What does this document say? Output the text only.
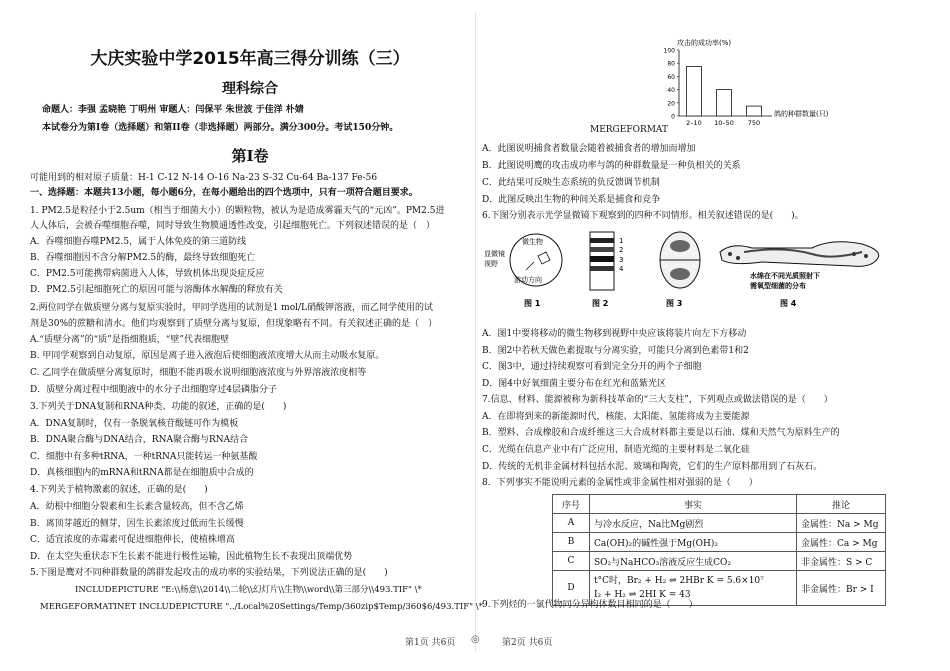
大庆实验中学2015年高三得分训练（三）
理科综合
命题人：李强 孟晓艳 丁明州 审题人：闫保平 朱世波 于佳洋 朴婧
本试卷分为第I卷（选择题）和第II卷（非选择题）两部分。满分300分。考试150分钟。
第I卷
可能用到的相对原子质量：H-1 C-12 N-14 O-16 Na-23 S-32 Cu-64 Ba-137 Fe-56
一、选择题：本题共13小题，每小题6分，在每小题给出的四个选项中，只有一项符合题目要求。
1. PM2.5是粒径小于2.5um（相当于细菌大小）的颗粒物，被认为是造成雾霾天气的“元凶”。PM2.5进
人人体后，会被吞噬细胞吞噬，同时导致生物膜通透性改变，引起细胞死亡。下列叙述错误的是（　）
A．吞噬细胞吞噬PM2.5，属于人体免疫的第三道防线
B．吞噬细胞因不含分解PM2.5的酶，最终导致细胞死亡
C．PM2.5可能携带病菌进入人体，导致机体出现炎症反应
D．PM2.5引起细胞死亡的原因可能与溶酶体水解酶的释放有关
2.两位同学在做质壁分离与复原实验时，甲同学选用的试剂是1 mol/L硝酸钾溶液，而乙同学使用的试
剂是30%的蔗糖和清水。他们均观察到了质壁分离与复原，但现象略有不同。有关叙述正确的是（　）
A.“质壁分离”的“质”是指细胞质，“壁”代表细胞壁
B. 甲同学观察到自动复原，原因是离子进入液泡后使细胞液浓度增大从而主动吸水复原。
C. 乙同学在做质壁分离复原时，细胞不能再吸水说明细胞液浓度与外界溶液浓度相等
D．质壁分离过程中细胞液中的水分子出细胞穿过4层磷脂分子
3.下列关于DNA复制和RNA种类、功能的叙述，正确的是(　　)
A．DNA复制时，仅有一条脱氧核苷酸链可作为模板
B．DNA聚合酶与DNA结合，RNA聚合酶与RNA结合
C．细胞中有多种tRNA，一种tRNA只能转运一种氨基酸
D．真核细胞内的mRNA和tRNA都是在细胞质中合成的
4.下列关于植物激素的叙述，正确的是(　　)
A．幼根中细胞分裂素和生长素含量较高，但不含乙烯
B．离顶芽越近的侧芽，因生长素浓度过低而生长缓慢
C．适宜浓度的赤霉素可促进细胞伸长，使植株增高
D．在太空失重状态下生长素不能进行极性运输，因此植物生长不表现出顶端优势
5.下图是鹰对不同种群数量的鸽群发起攻击的成功率的实验结果，下列说法正确的是(　　)
INCLUDEPICTURE "E:\\杨意\\2014\\二轮\\幻灯片\\生物\\word\\第三部分\\493.TIF" \*
MERGEFORMATINET INCLUDEPICTURE "../Local%20Settings/Temp/360zip$Temp/360$6/493.TIF" \*
第1页 共6页 ◎
攻击的成功率(%)
0
20
40
60
80
100
2–10 10–50 750
鸽的种群数量(只)
MERGEFORMAT
A．此图说明捕食者数量会随着被捕食者的增加而增加
B．此图说明鹰的攻击成功率与鸽的种群数量是一种负相关的关系
C．此结果可反映生态系统的负反馈调节机制
D．此图反映出生物的种间关系是捕食和竞争
6.下图分别表示光学显微镜下观察到的四种不同情形。相关叙述错误的是(　　)。
显微镜
视野
微生物
游动方向
图 1
1
2
3
4
图 2	图 3
水绵在不同光质照射下
需氧型细菌的分布
图 4
A．图1中要将移动的微生物移到视野中央应该将装片向左下方移动
B．图2中若秋天做色素提取与分离实验，可能只分离到色素带1和2
C．图3中，通过持续观察可看到完全分开的两个子细胞
D．图4中好氧细菌主要分布在红光和蓝紫光区
7.信息、材料、能源被称为新科技革命的“三大支柱”，下列观点或做法错误的是（　　）
A．在即将到来的新能源时代，核能、太阳能、氢能将成为主要能源
B．塑料、合成橡胶和合成纤维这三大合成材料都主要是以石油、煤和天然气为原料生产的
C．光缆在信息产业中有广泛应用，制造光缆的主要材料是二氧化硅
D．传统的无机非金属材料包括水泥、玻璃和陶瓷，它们的生产原料都用到了石灰石。
8．下列事实不能说明元素的金属性或非金属性相对强弱的是（　　）
序号	事实	推论
A	与冷水反应，Na比Mg剧烈	金属性：Na > Mg
B	Ca(OH)₂的碱性强于Mg(OH)₂	金属性：Ca > Mg
C	SO₂与NaHCO₃溶液反应生成CO₂	非金属性：S > C
D	t°C时，Br₂ + H₂ ⇌ 2HBr K = 5.6×10⁷
I₂ + H₂ ⇌ 2HI K = 43	非金属性：Br > I
9.下列烃的一氯代物同分异构体数目相同的是（　　）
第2页 共6页
